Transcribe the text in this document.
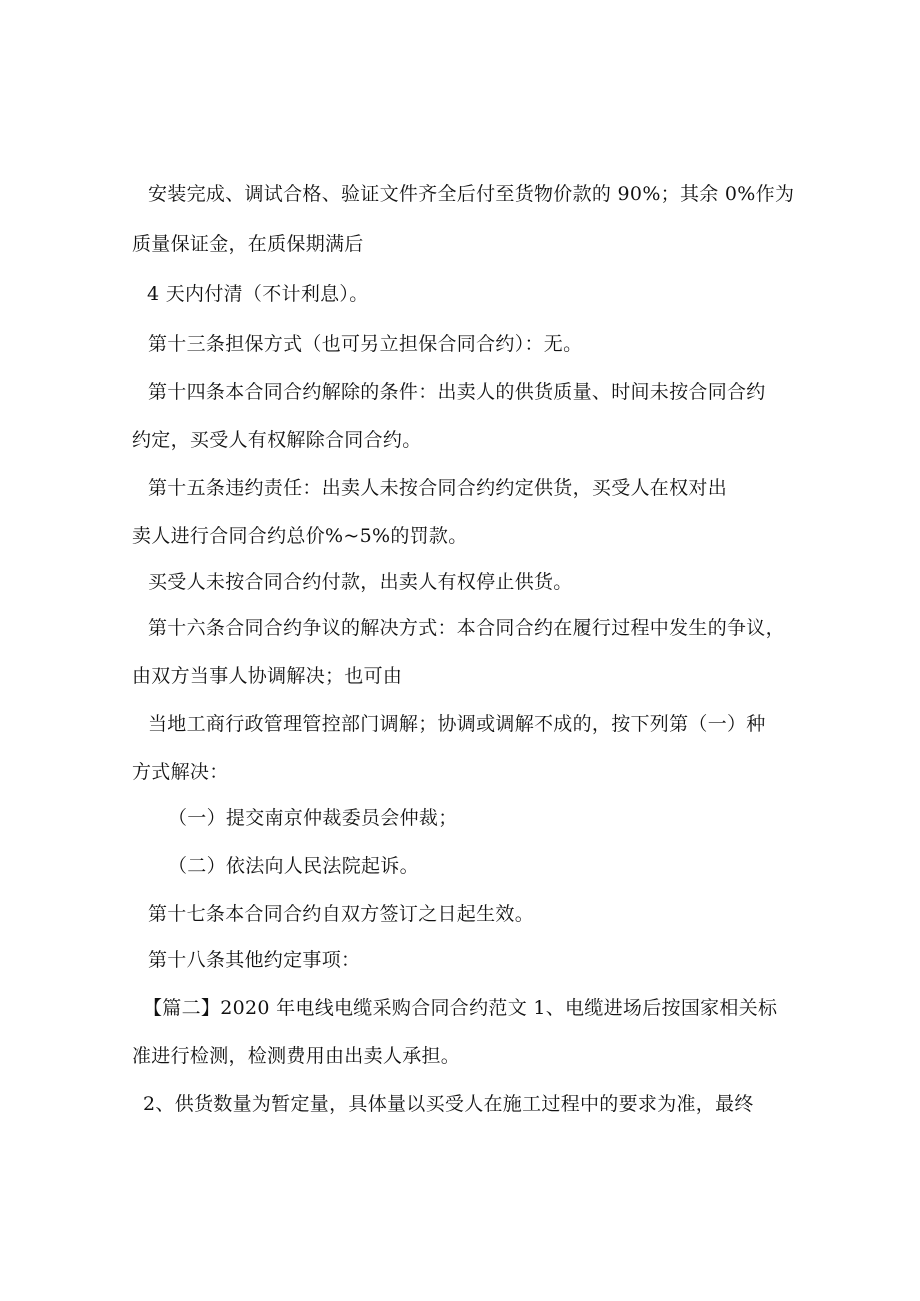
安装完成、调试合格、验证文件齐全后付至货物价款的 90%；其余 0%作为
质量保证金，在质保期满后
4 天内付清（不计利息）。
第十三条担保方式（也可另立担保合同合约）：无。
第十四条本合同合约解除的条件：出卖人的供货质量、时间未按合同合约
约定，买受人有权解除合同合约。
第十五条违约责任：出卖人未按合同合约约定供货，买受人在权对出
卖人进行合同合约总价%~5%的罚款。
买受人未按合同合约付款，出卖人有权停止供货。
第十六条合同合约争议的解决方式：本合同合约在履行过程中发生的争议，
由双方当事人协调解决；也可由
当地工商行政管理管控部门调解；协调或调解不成的，按下列第（一）种
方式解决：
（一）提交南京仲裁委员会仲裁；
（二）依法向人民法院起诉。
第十七条本合同合约自双方签订之日起生效。
第十八条其他约定事项：
【篇二】2020 年电线电缆采购合同合约范文 1、电缆进场后按国家相关标
准进行检测，检测费用由出卖人承担。
2、供货数量为暂定量，具体量以买受人在施工过程中的要求为准，最终
